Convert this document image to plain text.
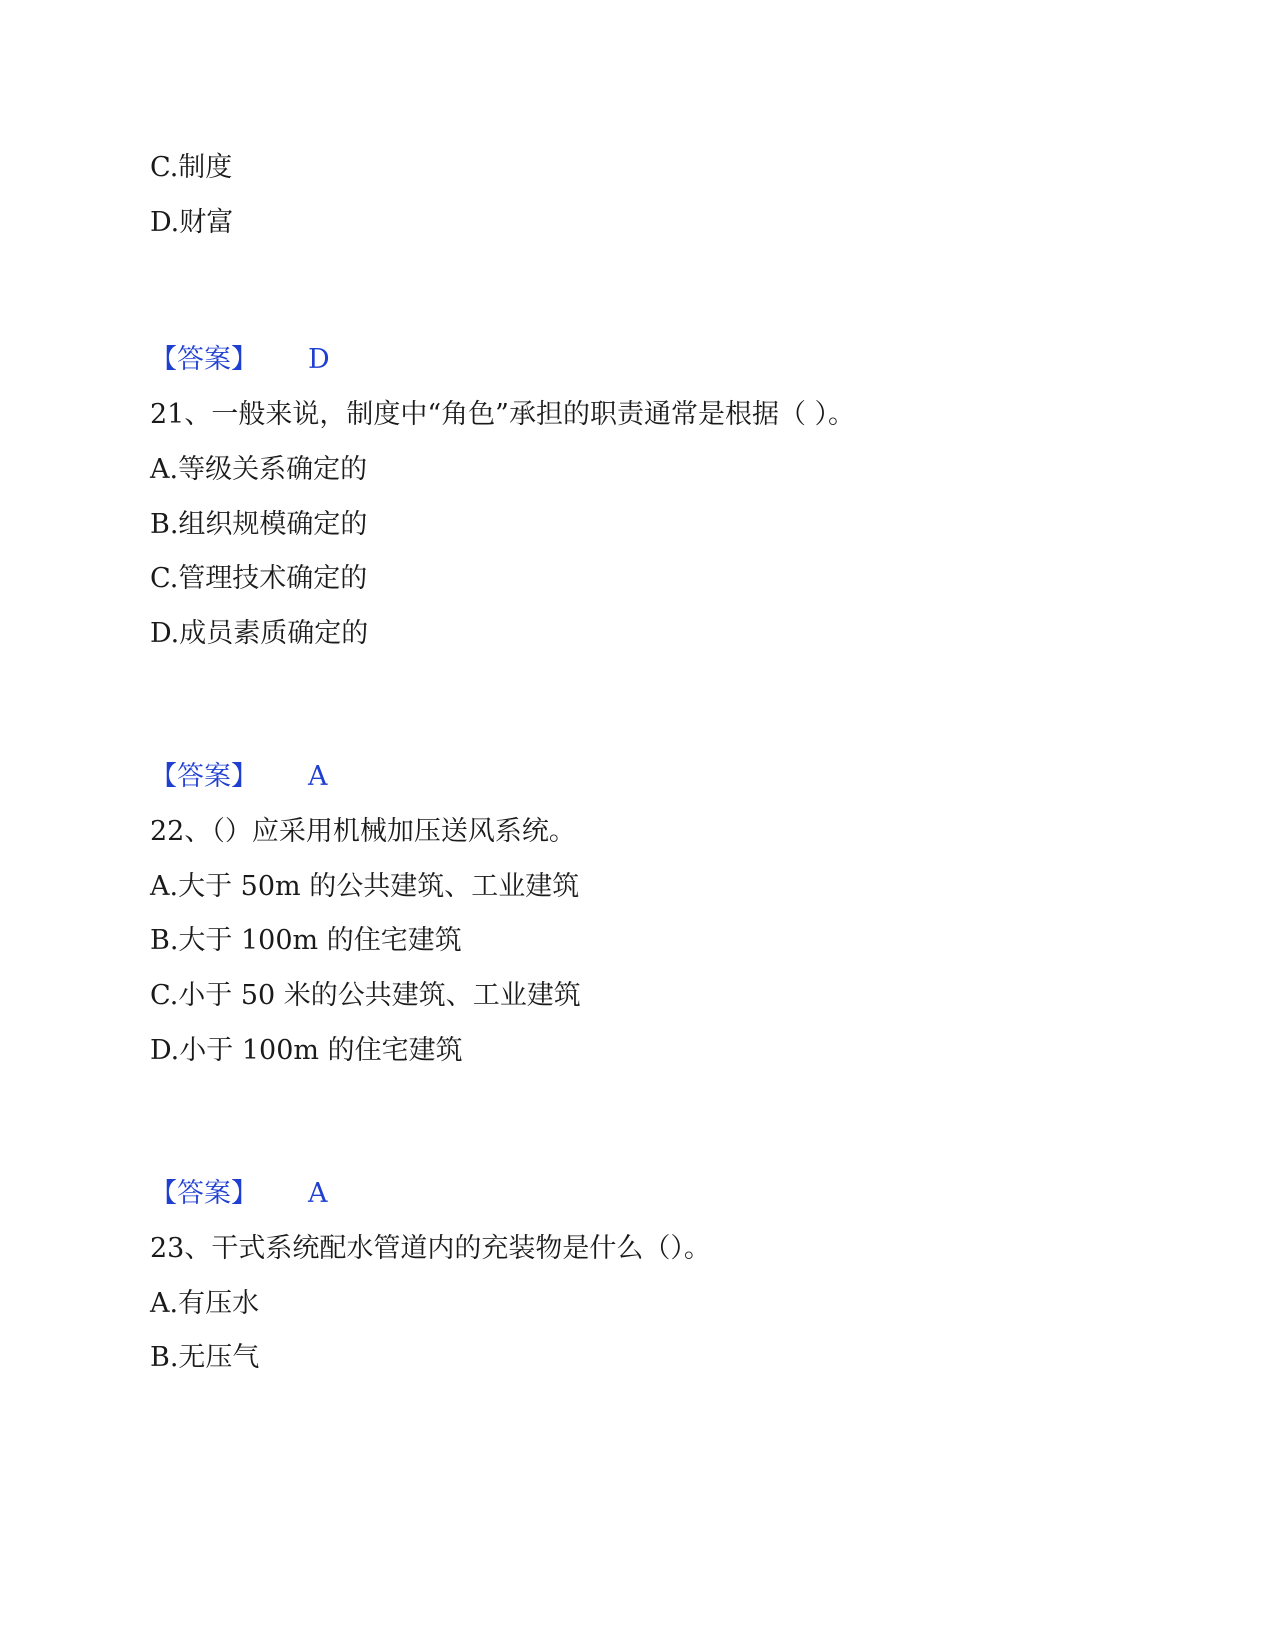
C.制度
D.财富
【答案】 D
21、一般来说，制度中“角色”承担的职责通常是根据（ ）。
A.等级关系确定的
B.组织规模确定的
C.管理技术确定的
D.成员素质确定的
【答案】 A
22、（）应采用机械加压送风系统。
A.大于 50m 的公共建筑、工业建筑
B.大于 100m 的住宅建筑
C.小于 50 米的公共建筑、工业建筑
D.小于 100m 的住宅建筑
【答案】 A
23、干式系统配水管道内的充装物是什么（）。
A.有压水
B.无压气
